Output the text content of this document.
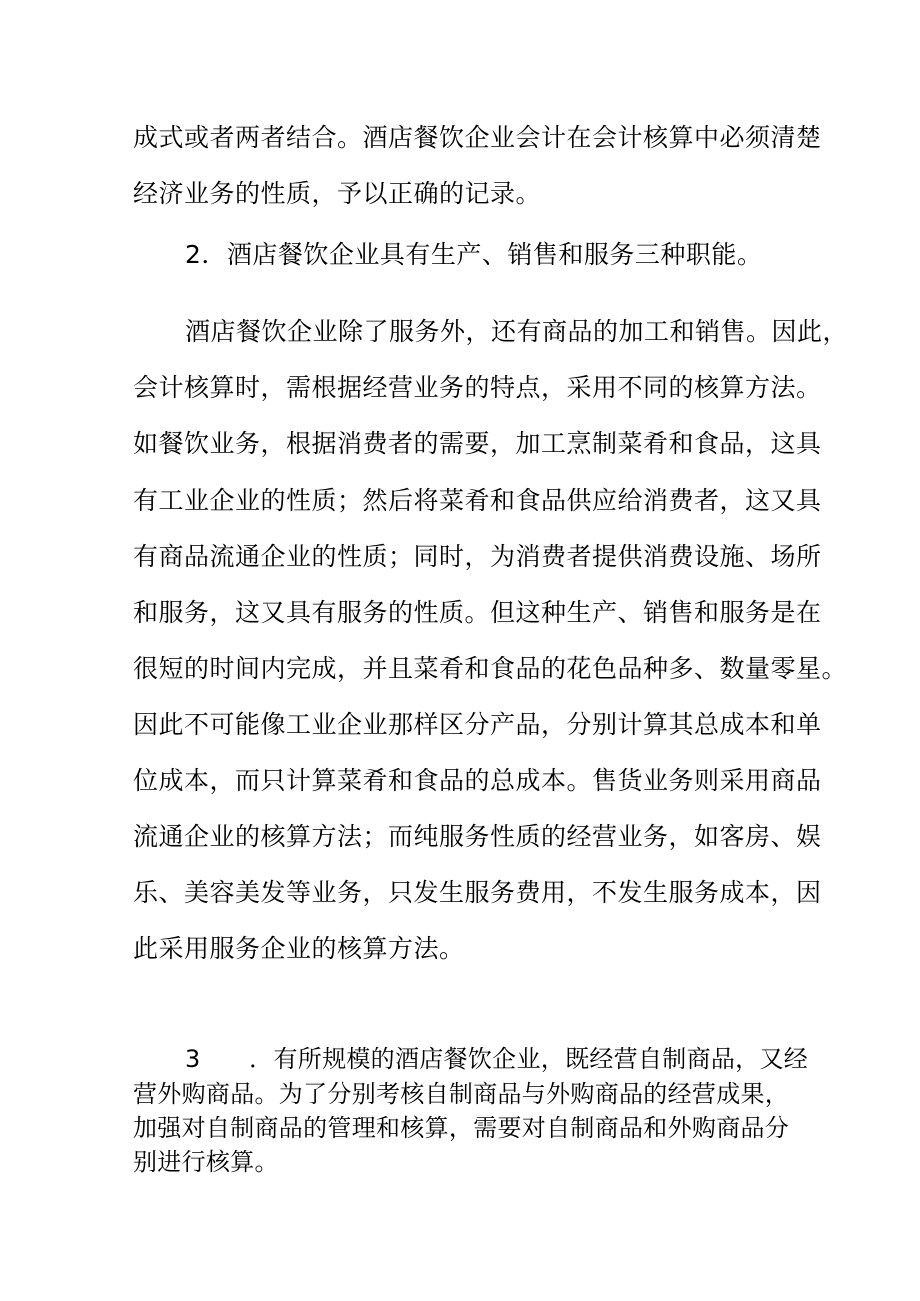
成式或者两者结合。酒店餐饮企业会计在会计核算中必须清楚
经济业务的性质，予以正确的记录。
2．酒店餐饮企业具有生产、销售和服务三种职能。
酒店餐饮企业除了服务外，还有商品的加工和销售。因此，
会计核算时，需根据经营业务的特点，采用不同的核算方法。
如餐饮业务，根据消费者的需要，加工烹制菜肴和食品，这具
有工业企业的性质；然后将菜肴和食品供应给消费者，这又具
有商品流通企业的性质；同时，为消费者提供消费设施、场所
和服务，这又具有服务的性质。但这种生产、销售和服务是在
很短的时间内完成，并且菜肴和食品的花色品种多、数量零星。
因此不可能像工业企业那样区分产品，分别计算其总成本和单
位成本，而只计算菜肴和食品的总成本。售货业务则采用商品
流通企业的核算方法；而纯服务性质的经营业务，如客房、娱
乐、美容美发等业务，只发生服务费用，不发生服务成本，因
此采用服务企业的核算方法。
3　　．有所规模的酒店餐饮企业，既经营自制商品，又经
营外购商品。为了分别考核自制商品与外购商品的经营成果，
加强对自制商品的管理和核算，需要对自制商品和外购商品分
别进行核算。
